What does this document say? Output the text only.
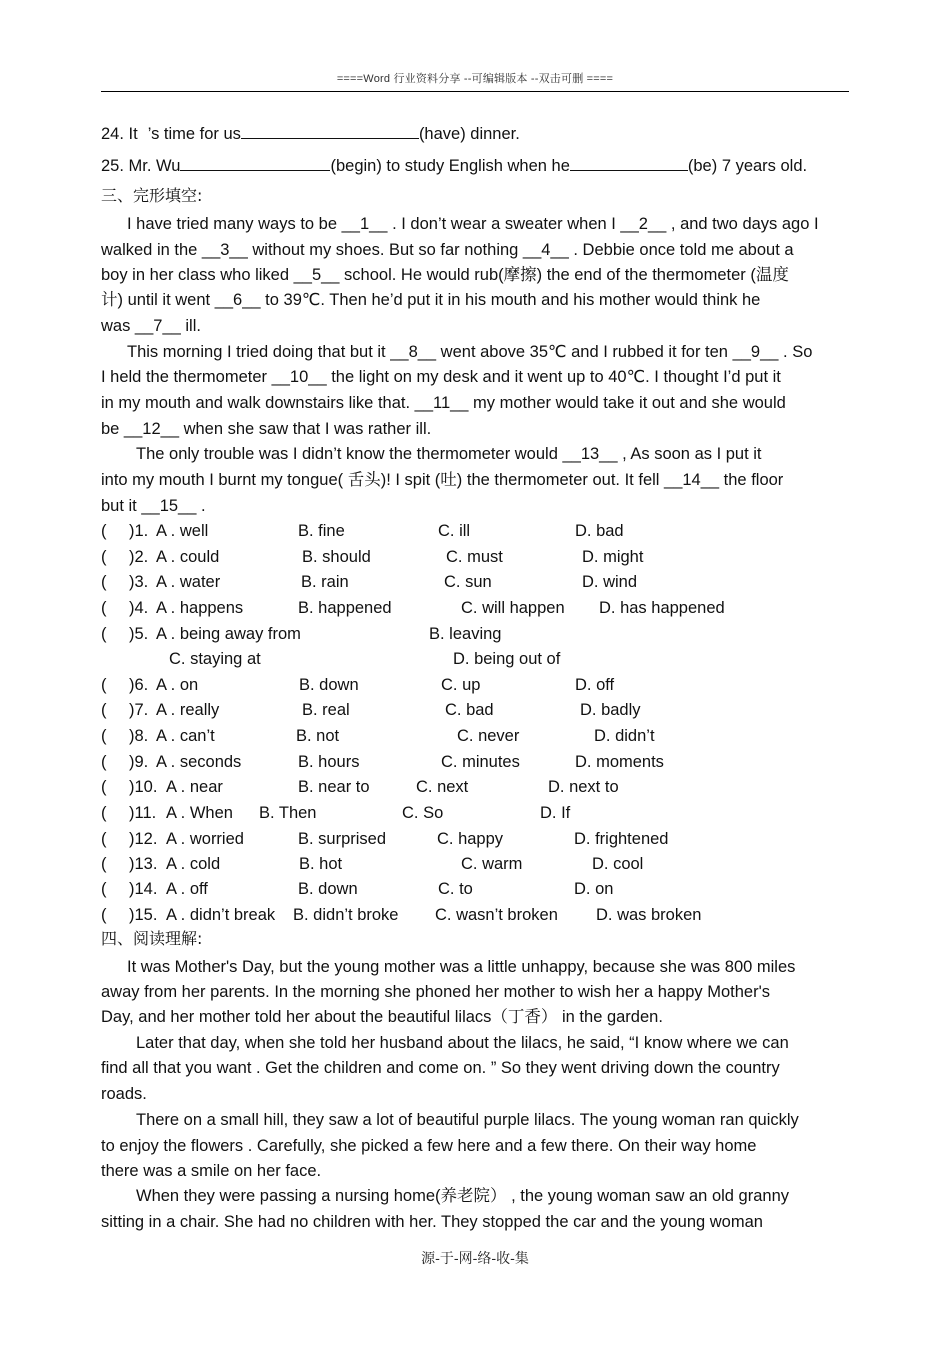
====Word 行业资料分享 --可编辑版本 --双击可删 ====
24. It ’s time for us	(have) dinner.
25. Mr. Wu	(begin) to study English when he	(be) 7 years old.
三、完形填空:
I have tried many ways to be __1__ . I don’t wear a sweater when I __2__ , and two days ago I
walked in the __3__ without my shoes. But so far nothing __4__ . Debbie once told me about a
boy in her class who liked __5__ school. He would rub(摩擦) the end of the thermometer (温度
计) until it went __6__ to 39℃. Then he’d put it in his mouth and his mother would think he
was __7__ ill.
This morning I tried doing that but it __8__ went above 35℃ and I rubbed it for ten __9__ . So
I held the thermometer __10__ the light on my desk and it went up to 40℃. I thought I’d put it
in my mouth and walk downstairs like that. __11__ my mother would take it out and she would
be __12__ when she saw that I was rather ill.
The only trouble was I didn’t know the thermometer would __13__ , As soon as I put it
into my mouth I burnt my tongue( 舌头)! I spit (吐) the thermometer out. It fell __14__ the floor
but it __15__ .
( )1. A . well	B. fine	C. ill	D. bad
( )2. A . could	B. should	C. must	D. might
( )3. A . water	B. rain	C. sun	D. wind
( )4. A . happens	B. happened	C. will happen D. has happened
( )5. A . being away from	B. leaving
C. staying at	D. being out of
( )6. A . on	B. down	C. up	D. off
( )7. A . really	B. real	C. bad	D. badly
( )8. A . can’t	B. not	C. never	D. didn’t
( )9. A . seconds	B. hours	C. minutes	D. moments
( )10. A . near	B. near to	C. next	D. next to
( )11. A . When B. Then	C. So	D. If
( )12. A . worried	B. surprised	C. happy	D. frightened
( )13. A . cold	B. hot	C. warm	D. cool
( )14. A . off	B. down	C. to	D. on
( )15. A . didn’t break B. didn’t broke C. wasn’t broken D. was broken
四、阅读理解:
It was Mother's Day, but the young mother was a little unhappy, because she was 800 miles
away from her parents. In the morning she phoned her mother to wish her a happy Mother's
Day, and her mother told her about the beautiful lilacs（丁香） in the garden.
Later that day, when she told her husband about the lilacs, he said, “I know where we can
find all that you want . Get the children and come on. ” So they went driving down the country
roads.
There on a small hill, they saw a lot of beautiful purple lilacs. The young woman ran quickly
to enjoy the flowers . Carefully, she picked a few here and a few there. On their way home
there was a smile on her face.
When they were passing a nursing home(养老院） , the young woman saw an old granny
sitting in a chair. She had no children with her. They stopped the car and the young woman
源-于-网-络-收-集
